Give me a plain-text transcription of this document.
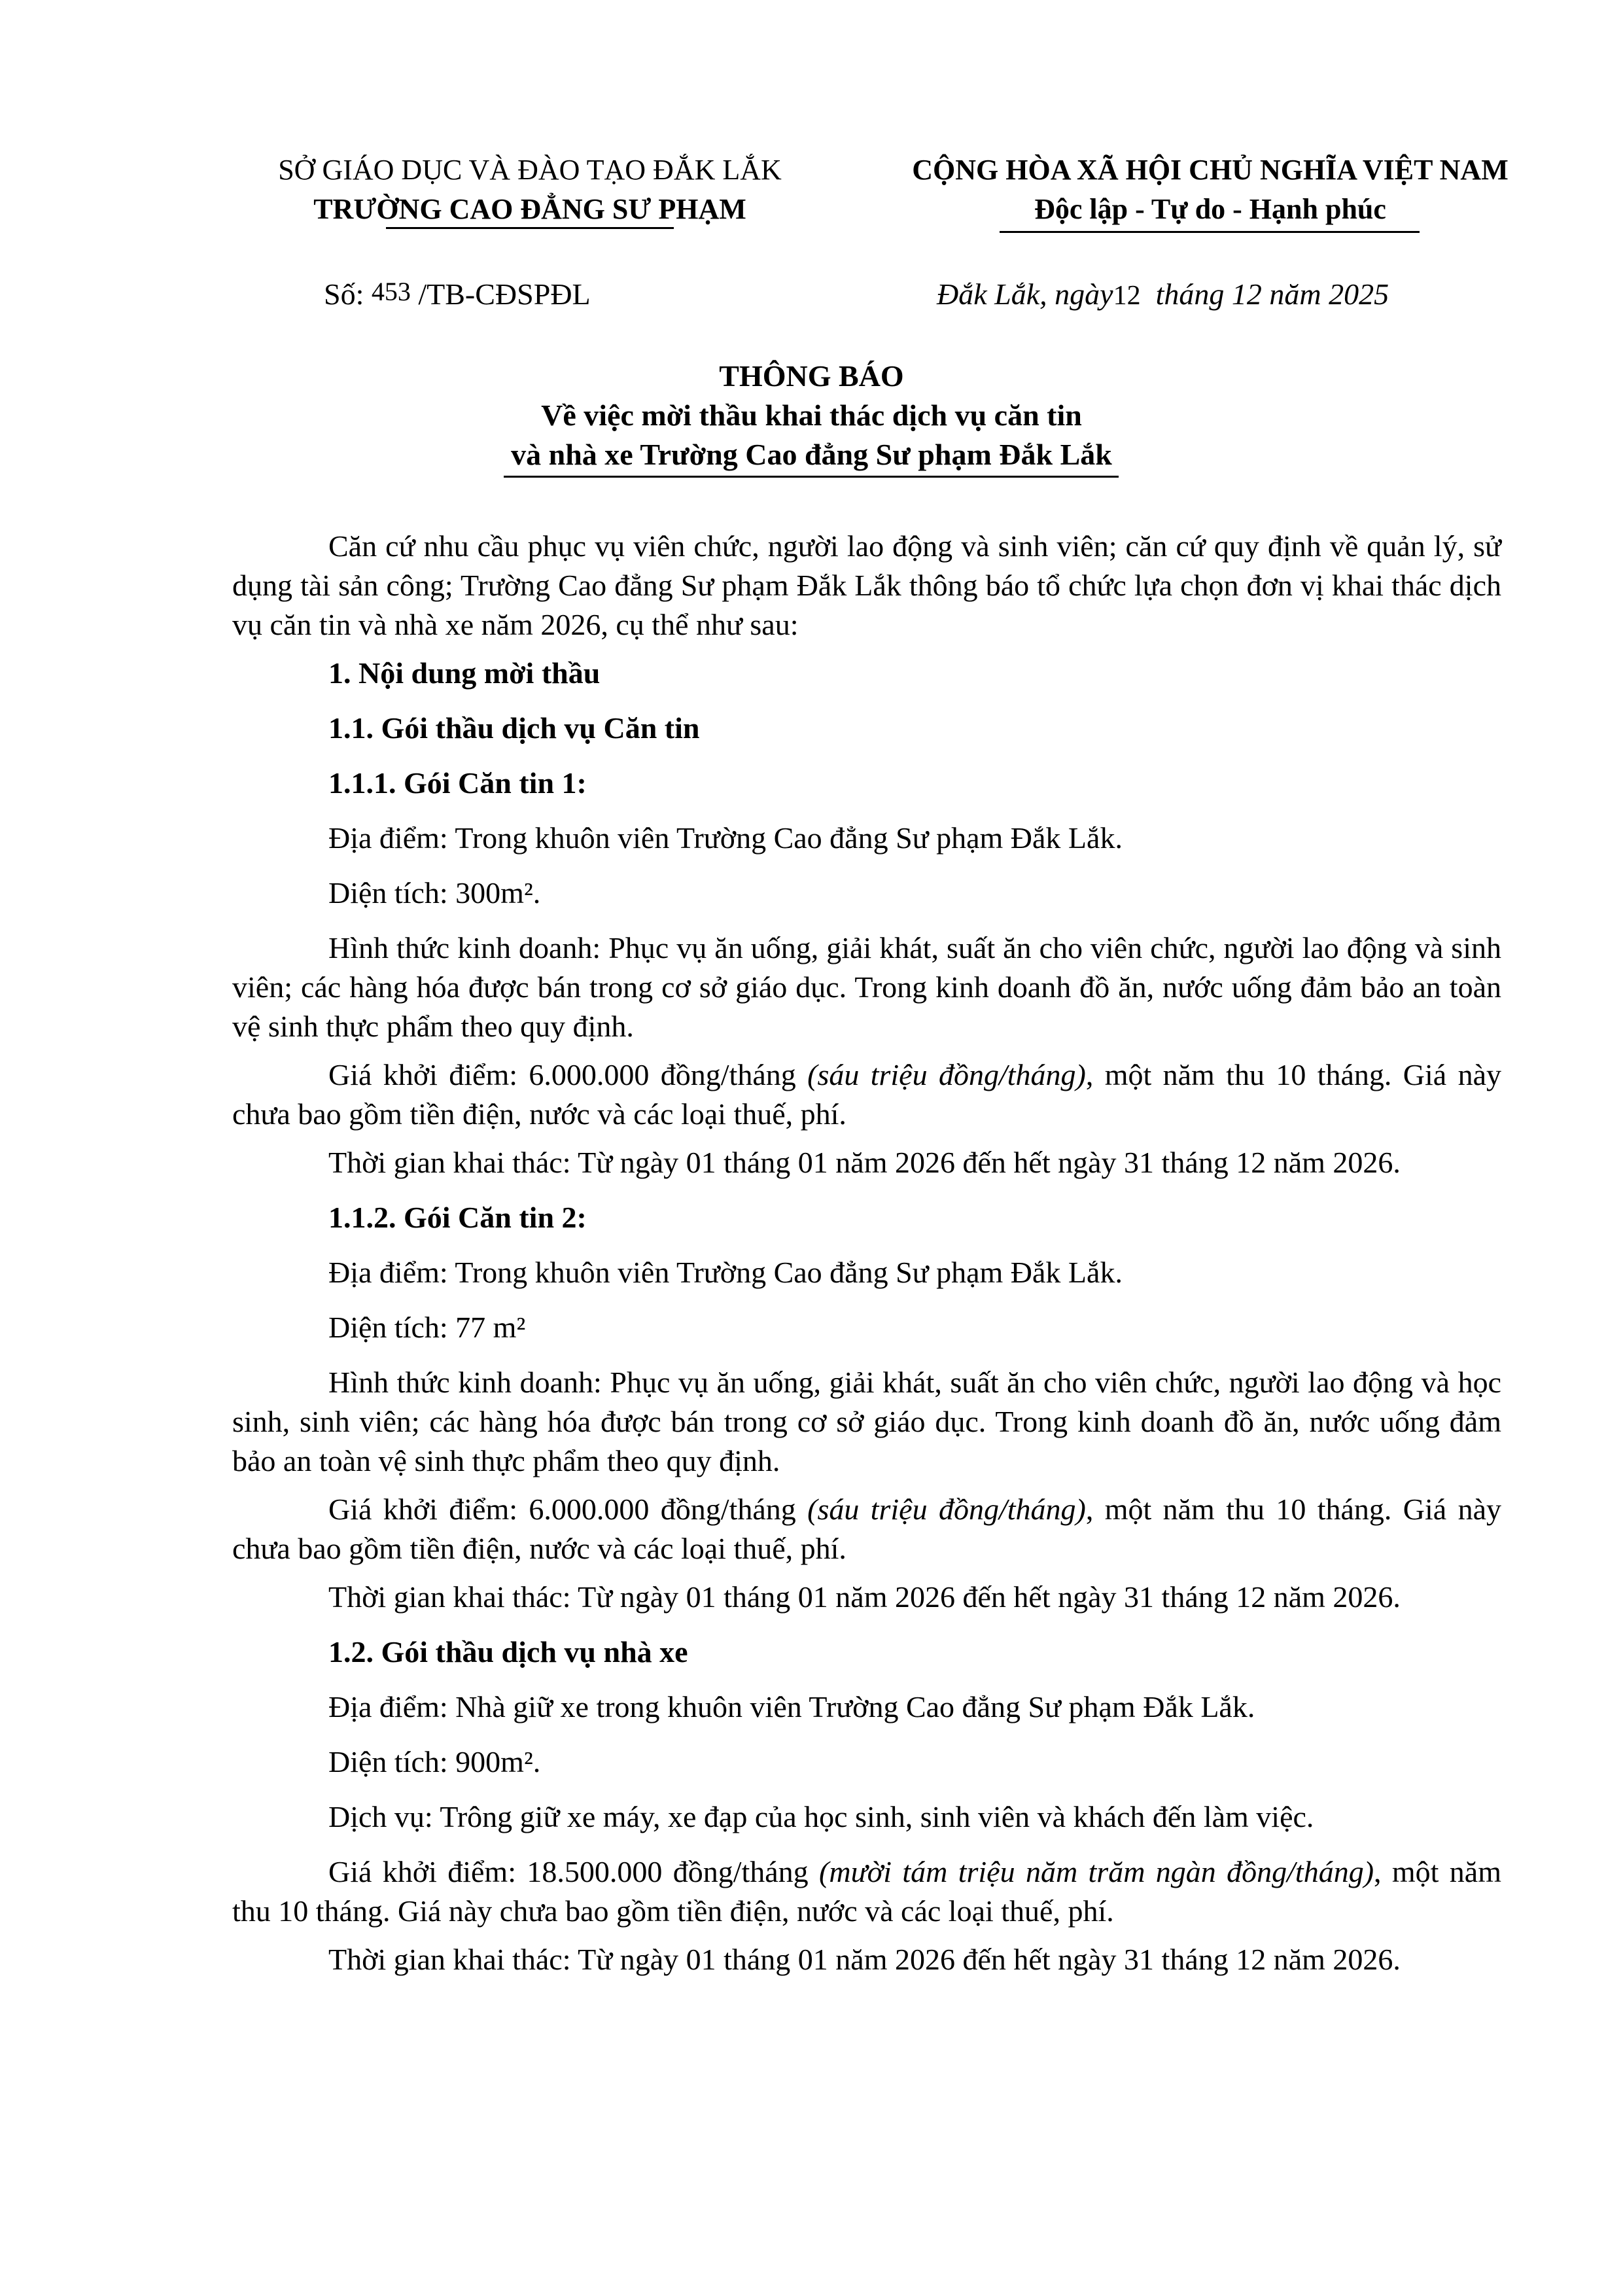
SỞ GIÁO DỤC VÀ ĐÀO TẠO ĐẮK LẮK
TRƯỜNG CAO ĐẲNG SƯ PHẠM
CỘNG HÒA XÃ HỘI CHỦ NGHĨA VIỆT NAM
Độc lập - Tự do - Hạnh phúc
Số: 453 /TB-CĐSPĐL	Đắk Lắk, ngày12 tháng 12 năm 2025
THÔNG BÁO
Về việc mời thầu khai thác dịch vụ căn tin
và nhà xe Trường Cao đẳng Sư phạm Đắk Lắk

Căn cứ nhu cầu phục vụ viên chức, người lao động và sinh viên; căn cứ quy định về quản lý, sử dụng tài sản công; Trường Cao đẳng Sư phạm Đắk Lắk thông báo tổ chức lựa chọn đơn vị khai thác dịch vụ căn tin và nhà xe năm 2026, cụ thể như sau:

1. Nội dung mời thầu
1.1. Gói thầu dịch vụ Căn tin
1.1.1. Gói Căn tin 1:

Địa điểm: Trong khuôn viên Trường Cao đẳng Sư phạm Đắk Lắk.

Diện tích: 300m².

Hình thức kinh doanh: Phục vụ ăn uống, giải khát, suất ăn cho viên chức, người lao động và sinh viên; các hàng hóa được bán trong cơ sở giáo dục. Trong kinh doanh đồ ăn, nước uống đảm bảo an toàn vệ sinh thực phẩm theo quy định.

Giá khởi điểm: 6.000.000 đồng/tháng (sáu triệu đồng/tháng), một năm thu 10 tháng. Giá này chưa bao gồm tiền điện, nước và các loại thuế, phí.

Thời gian khai thác: Từ ngày 01 tháng 01 năm 2026 đến hết ngày 31 tháng 12 năm 2026.

1.1.2. Gói Căn tin 2:

Địa điểm: Trong khuôn viên Trường Cao đẳng Sư phạm Đắk Lắk.

Diện tích: 77 m²

Hình thức kinh doanh: Phục vụ ăn uống, giải khát, suất ăn cho viên chức, người lao động và học sinh, sinh viên; các hàng hóa được bán trong cơ sở giáo dục. Trong kinh doanh đồ ăn, nước uống đảm bảo an toàn vệ sinh thực phẩm theo quy định.

Giá khởi điểm: 6.000.000 đồng/tháng (sáu triệu đồng/tháng), một năm thu 10 tháng. Giá này chưa bao gồm tiền điện, nước và các loại thuế, phí.

Thời gian khai thác: Từ ngày 01 tháng 01 năm 2026 đến hết ngày 31 tháng 12 năm 2026.

1.2. Gói thầu dịch vụ nhà xe

Địa điểm: Nhà giữ xe trong khuôn viên Trường Cao đẳng Sư phạm Đắk Lắk.

Diện tích: 900m².

Dịch vụ: Trông giữ xe máy, xe đạp của học sinh, sinh viên và khách đến làm việc.

Giá khởi điểm: 18.500.000 đồng/tháng (mười tám triệu năm trăm ngàn đồng/tháng), một năm thu 10 tháng. Giá này chưa bao gồm tiền điện, nước và các loại thuế, phí.

Thời gian khai thác: Từ ngày 01 tháng 01 năm 2026 đến hết ngày 31 tháng 12 năm 2026.
